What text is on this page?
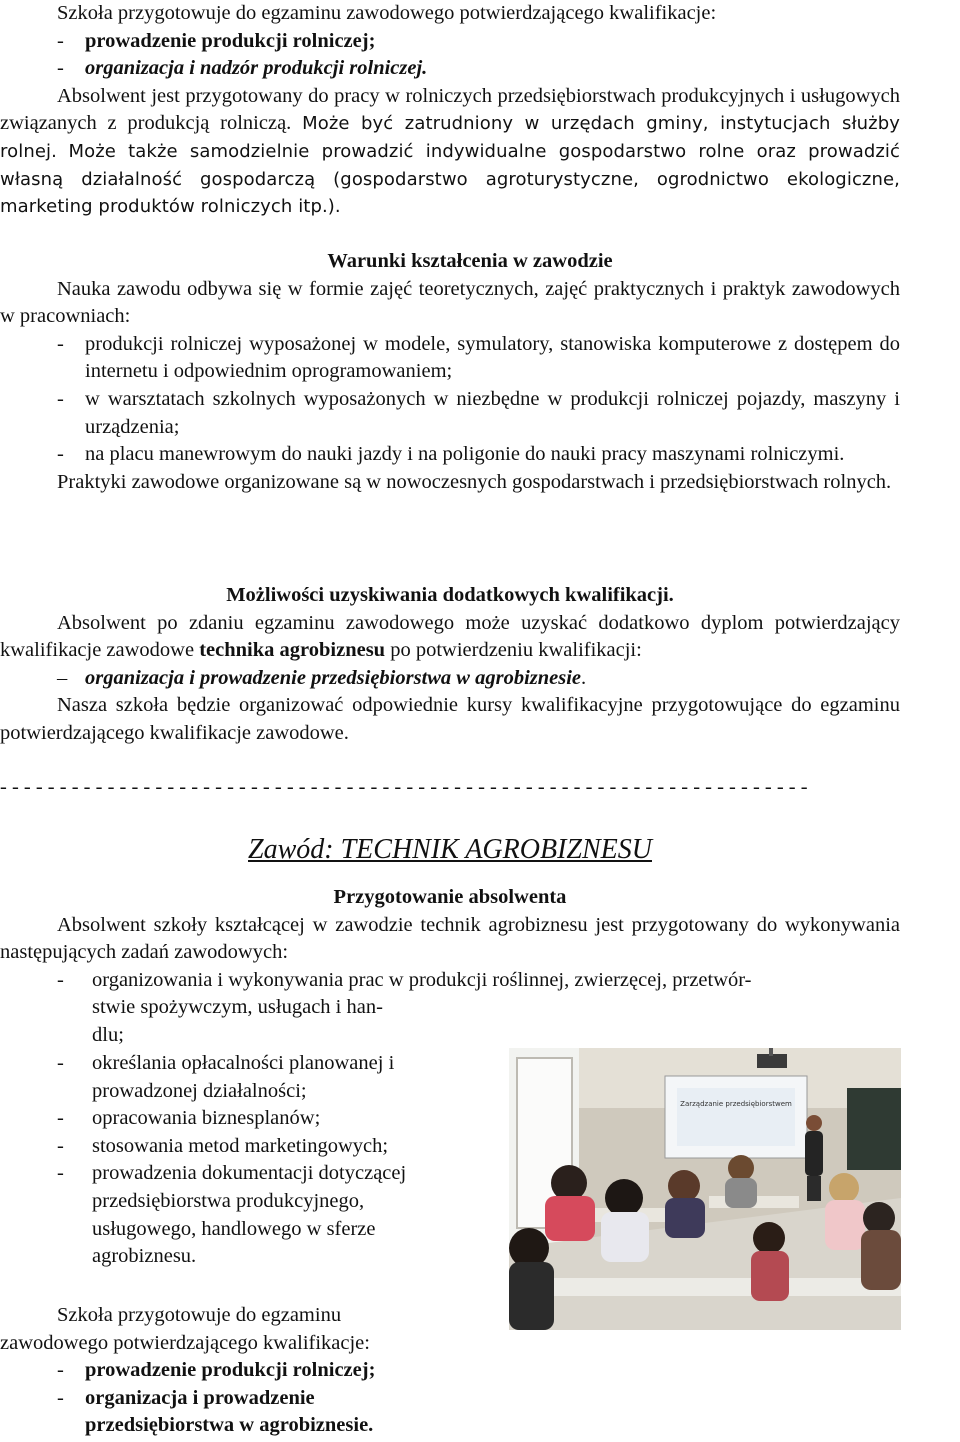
Szkoła przygotowuje do egzaminu zawodowego potwierdzającego kwalifikacje:

-	prowadzenie produkcji rolniczej;
-	organizacja i nadzór produkcji rolniczej.

Absolwent jest przygotowany do pracy w rolniczych przedsiębiorstwach produkcyjnych i usługowych związanych z produkcją rolniczą. Może być zatrudniony w urzędach gminy, instytucjach służby rolnej. Może także samodzielnie prowadzić indywidualne gospodarstwo rolne oraz prowadzić własną działalność gospodarczą (gospodarstwo agroturystyczne, ogrodnictwo ekologiczne, marketing produktów rolniczych itp.).

Warunki kształcenia w zawodzie

Nauka zawodu odbywa się w formie zajęć teoretycznych, zajęć praktycznych i praktyk zawodowych w pracowniach:

-	produkcji rolniczej wyposażonej w modele, symulatory, stanowiska komputerowe z dostępem do internetu i odpowiednim oprogramowaniem;
-	w warsztatach szkolnych wyposażonych w niezbędne w produkcji rolniczej pojazdy, maszyny i urządzenia;
-	na placu manewrowym do nauki jazdy i na poligonie do nauki pracy maszynami rolniczymi.

Praktyki zawodowe organizowane są w nowoczesnych gospodarstwach i przedsiębiorstwach rolnych.

Możliwości uzyskiwania dodatkowych kwalifikacji.

Absolwent po zdaniu egzaminu zawodowego może uzyskać dodatkowo dyplom potwierdzający kwalifikacje zawodowe technika agrobiznesu po potwierdzeniu kwalifikacji:

– organizacja i prowadzenie przedsiębiorstwa w agrobiznesie .

Nasza szkoła będzie organizować odpowiednie kursy kwalifikacyjne przygotowujące do egzaminu potwierdzającego kwalifikacje zawodowe.

- - - - - - - - - - - - - - - - - - - - - - - - - - - - - - - - - - - - - - - - - - - - - - - - - - - - - - - - - - - - - - - - - - - -
Zawód: TECHNIK AGROBIZNESU

Przygotowanie absolwenta

Absolwent szkoły kształcącej w zawodzie technik agrobiznesu jest przygotowany do wykonywania następujących zadań zawodowych:

-	organizowania i wykonywania prac w produkcji roślinnej, zwierzęcej, przetwór-
stwie spożywczym, usługach i han-
dlu;
-	określania opłacalności planowanej i prowadzonej działalności;
-	opracowania biznesplanów;
-	stosowania metod marketingowych;
-	prowadzenia dokumentacji dotyczącej przedsiębiorstwa produkcyjnego, usługowego, handlowego w sferze agrobiznesu.

Szkoła przygotowuje do egzaminu zawodowego potwierdzającego kwalifikacje:

-	prowadzenie produkcji rolniczej;
-	organizacja i prowadzenie przedsiębiorstwa w agrobiznesie.
Zarządzanie przedsiębiorstwem
